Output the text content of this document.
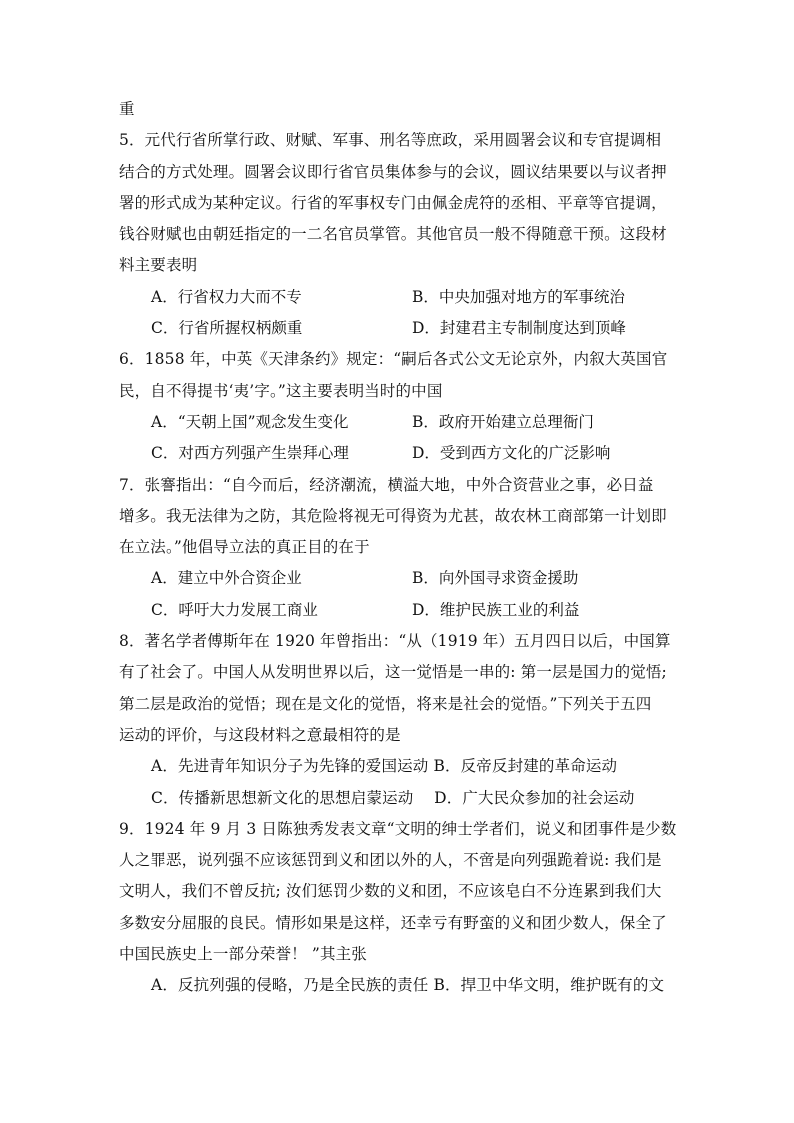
重
5．元代行省所掌行政、财赋、军事、刑名等庶政，采用圆署会议和专官提调相
结合的方式处理。圆署会议即行省官员集体参与的会议，圆议结果要以与议者押
署的形式成为某种定议。行省的军事权专门由佩金虎符的丞相、平章等官提调，
钱谷财赋也由朝廷指定的一二名官员掌管。其他官员一般不得随意干预。这段材
料主要表明
A．行省权力大而不专	B．中央加强对地方的军事统治
C．行省所握权柄颇重	D．封建君主专制制度达到顶峰
6．1858 年，中英《天津条约》规定：“嗣后各式公文无论京外，内叙大英国官
民，自不得提书‘夷’字。”这主要表明当时的中国
A．“天朝上国”观念发生变化	B．政府开始建立总理衙门
C．对西方列强产生崇拜心理	D．受到西方文化的广泛影响
7．张謇指出：“自今而后，经济潮流，横溢大地，中外合资营业之事，必日益
增多。我无法律为之防，其危险将视无可得资为尤甚，故农林工商部第一计划即
在立法。”他倡导立法的真正目的在于
A．建立中外合资企业	B．向外国寻求资金援助
C．呼吁大力发展工商业	D．维护民族工业的利益
8．著名学者傅斯年在 1920 年曾指出：“从（1919 年）五月四日以后，中国算
有了社会了。中国人从发明世界以后，这一觉悟是一串的: 第一层是国力的觉悟;
第二层是政治的觉悟；现在是文化的觉悟，将来是社会的觉悟。”下列关于五四
运动的评价，与这段材料之意最相符的是
A．先进青年知识分子为先锋的爱国运动 B．反帝反封建的革命运动
C．传播新思想新文化的思想启蒙运动　 D．广大民众参加的社会运动
9．1924 年 9 月 3 日陈独秀发表文章“文明的绅士学者们，说义和团事件是少数
人之罪恶，说列强不应该惩罚到义和团以外的人，不啻是向列强跪着说: 我们是
文明人，我们不曾反抗; 汝们惩罚少数的义和团，不应该皂白不分连累到我们大
多数安分屈服的良民。情形如果是这样，还幸亏有野蛮的义和团少数人，保全了
中国民族史上一部分荣誉！ ”其主张
A．反抗列强的侵略，乃是全民族的责任 B．捍卫中华文明，维护既有的文
